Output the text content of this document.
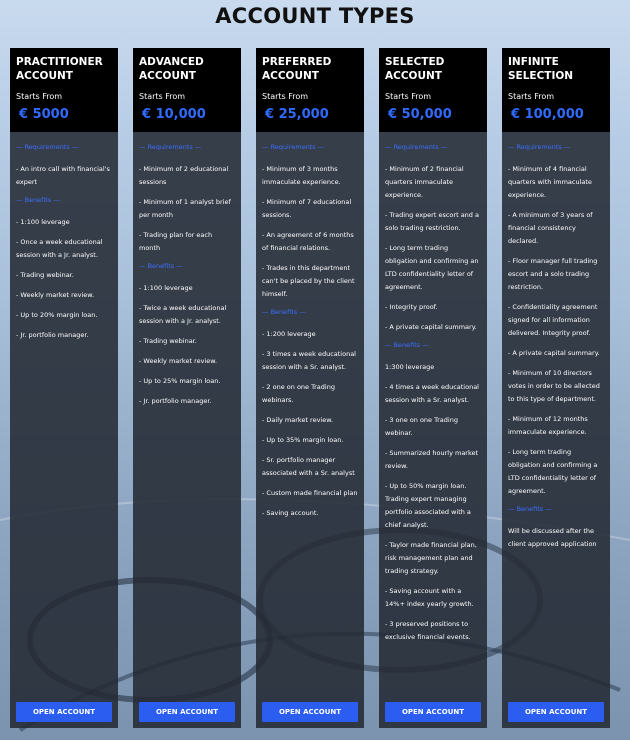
ACCOUNT TYPES
PRACTITIONER ACCOUNT
Starts From
€ 5000
— Requirements —
- An intro call with financial's expert
— Benefits —
- 1:100 leverage
- Once a week educational session with a Jr. analyst.
- Trading webinar.
- Weekly market review.
- Up to 20% margin loan.
- Jr. portfolio manager.
OPEN ACCOUNT
ADVANCED ACCOUNT
Starts From
€ 10,000
— Requirements —
- Minimum of 2 educational sessions
- Minimum of 1 analyst brief per month
- Trading plan for each month
— Benefits —
- 1:100 leverage
- Twice a week educational session with a Jr. analyst.
- Trading webinar.
- Weekly market review.
- Up to 25% margin loan.
- Jr. portfolio manager.
OPEN ACCOUNT
PREFERRED ACCOUNT
Starts From
€ 25,000
— Requirements —
- Minimum of 3 months immaculate experience.
- Minimum of 7 educational sessions.
- An agreement of 6 months of financial relations.
- Trades in this department can't be placed by the client himself.
— Benefits —
- 1:200 leverage
- 3 times a week educational session with a Sr. analyst.
- 2 one on one Trading webinars.
- Daily market review.
- Up to 35% margin loan.
- Sr. portfolio manager associated with a Sr. analyst
- Custom made financial plan
- Saving account.
OPEN ACCOUNT
SELECTED ACCOUNT
Starts From
€ 50,000
— Requirements —
- Minimum of 2 financial quarters immaculate experience.
- Trading expert escort and a solo trading restriction.
- Long term trading obligation and confirming an LTD confidentiality letter of agreement.
- Integrity proof.
- A private capital summary.
— Benefits —
1:300 leverage
- 4 times a week educational session with a Sr. analyst.
- 3 one on one Trading webinar.
- Summarized hourly market review.
- Up to 50% margin loan. Trading expert managing portfolio associated with a chief analyst.
- Taylor made financial plan, risk management plan and trading strategy.
- Saving account with a 14%+ index yearly growth.
- 3 preserved positions to exclusive financial events.
OPEN ACCOUNT
INFINITE SELECTION
Starts From
€ 100,000
— Requirements —
- Minimum of 4 financial quarters with immaculate experience.
- A minimum of 3 years of financial consistency declared.
- Floor manager full trading escort and a solo trading restriction.
- Confidentiality agreement signed for all information delivered. Integrity proof.
- A private capital summary.
- Minimum of 10 directors votes in order to be allected to this type of department.
- Minimum of 12 months immaculate experience.
- Long term trading obligation and confirming a LTD confidentiality letter of agreement.
— Benefits —
Will be discussed after the client approved application
OPEN ACCOUNT
